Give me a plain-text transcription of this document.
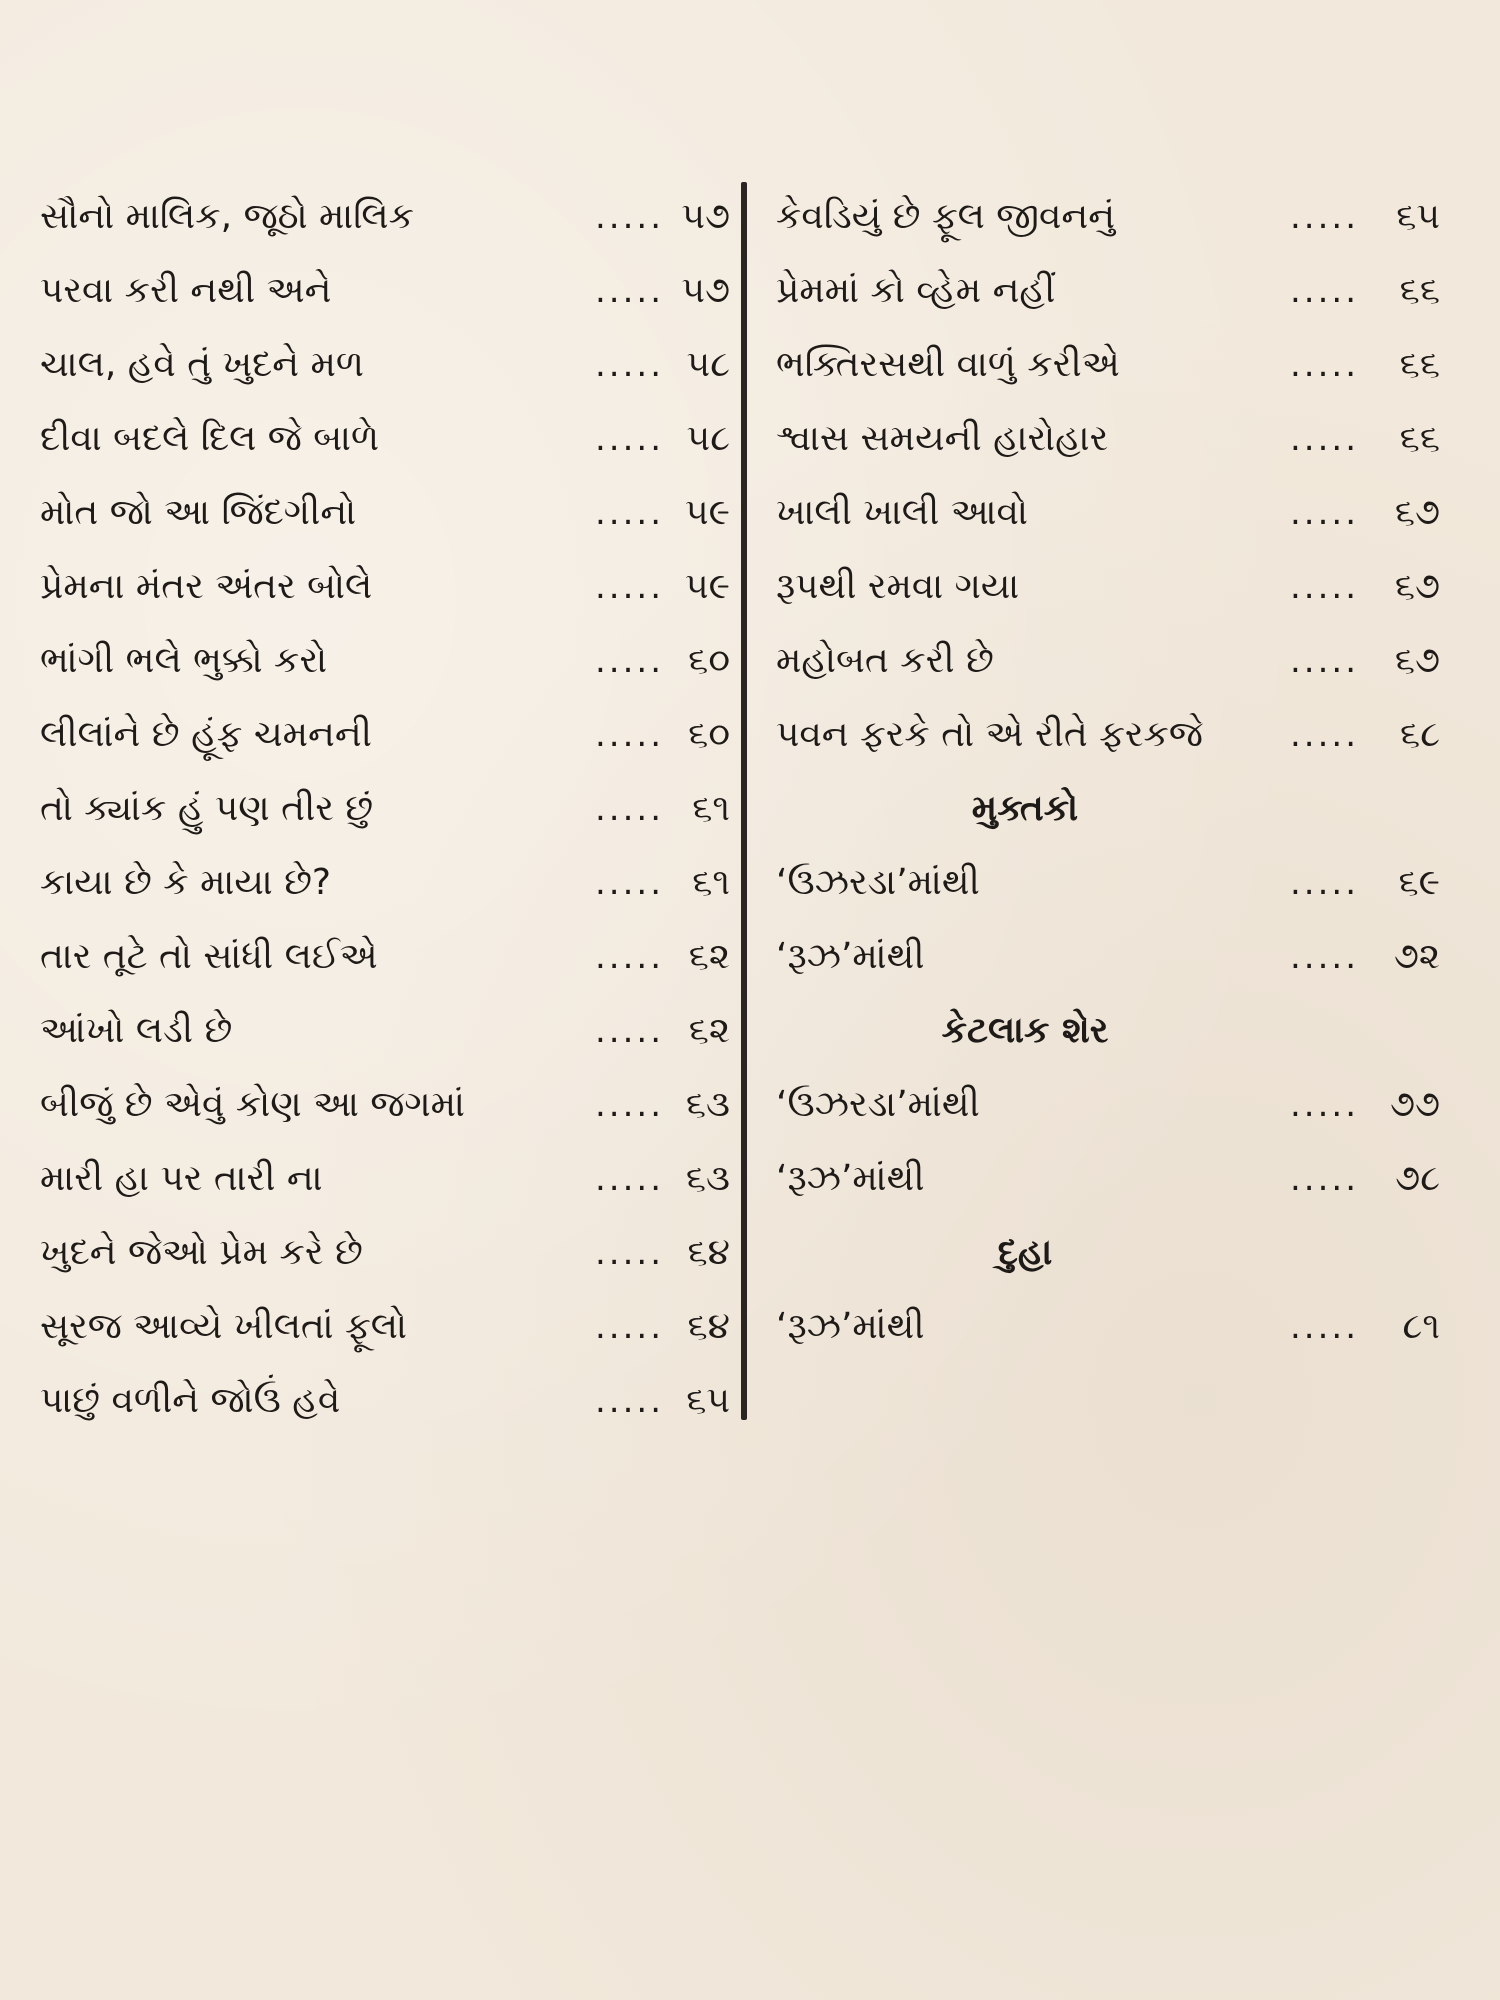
સૌનો માલિક, જૂઠો માલિક	..... ૫૭
પરવા કરી નથી અને	..... ૫૭
ચાલ, હવે તું ખુદને મળ	..... ૫૮
દીવા બદલે દિલ જે બાળે	..... ૫૮
મોત જો આ જિંદગીનો	..... ૫૯
પ્રેમના મંતર અંતર બોલે	..... ૫૯
ભાંગી ભલે ભુક્કો કરો	..... ૬૦
લીલાંને છે હૂંફ ચમનની	..... ૬૦
તો ક્યાંક હું પણ તીર છું	..... ૬૧
કાયા છે કે માયા છે?	..... ૬૧
તાર તૂટે તો સાંધી લઈએ	..... ૬૨
આંખો લડી છે	..... ૬૨
બીજું છે એવું કોણ આ જગમાં	..... ૬૩
મારી હા પર તારી ના	..... ૬૩
ખુદને જેઓ પ્રેમ કરે છે	..... ૬૪
સૂરજ આવ્યે ખીલતાં ફૂલો	..... ૬૪
પાછું વળીને જોઉં હવે	..... ૬૫
કેવડિયું છે ફૂલ જીવનનું	.....	૬૫
પ્રેમમાં કો વ્હેમ નહીં	.....	૬૬
ભક્તિરસથી વાળું કરીએ	.....	૬૬
શ્વાસ સમયની હારોહાર	.....	૬૬
ખાલી ખાલી આવો	..... ૬૭
રૂપથી રમવા ગયા	..... ૬૭
મહોબત કરી છે	..... ૬૭
પવન ફરકે તો એ રીતે ફરકજે	.....	૬૮
મુક્તકો
‘ઉઝરડા’માંથી	.....	૬૯
‘રૂઝ’માંથી	..... ૭૨
કેટલાક શેર
‘ઉઝરડા’માંથી	..... ૭૭
‘રૂઝ’માંથી	.....	૭૮
દુહા
‘રૂઝ’માંથી	.....	૮૧
